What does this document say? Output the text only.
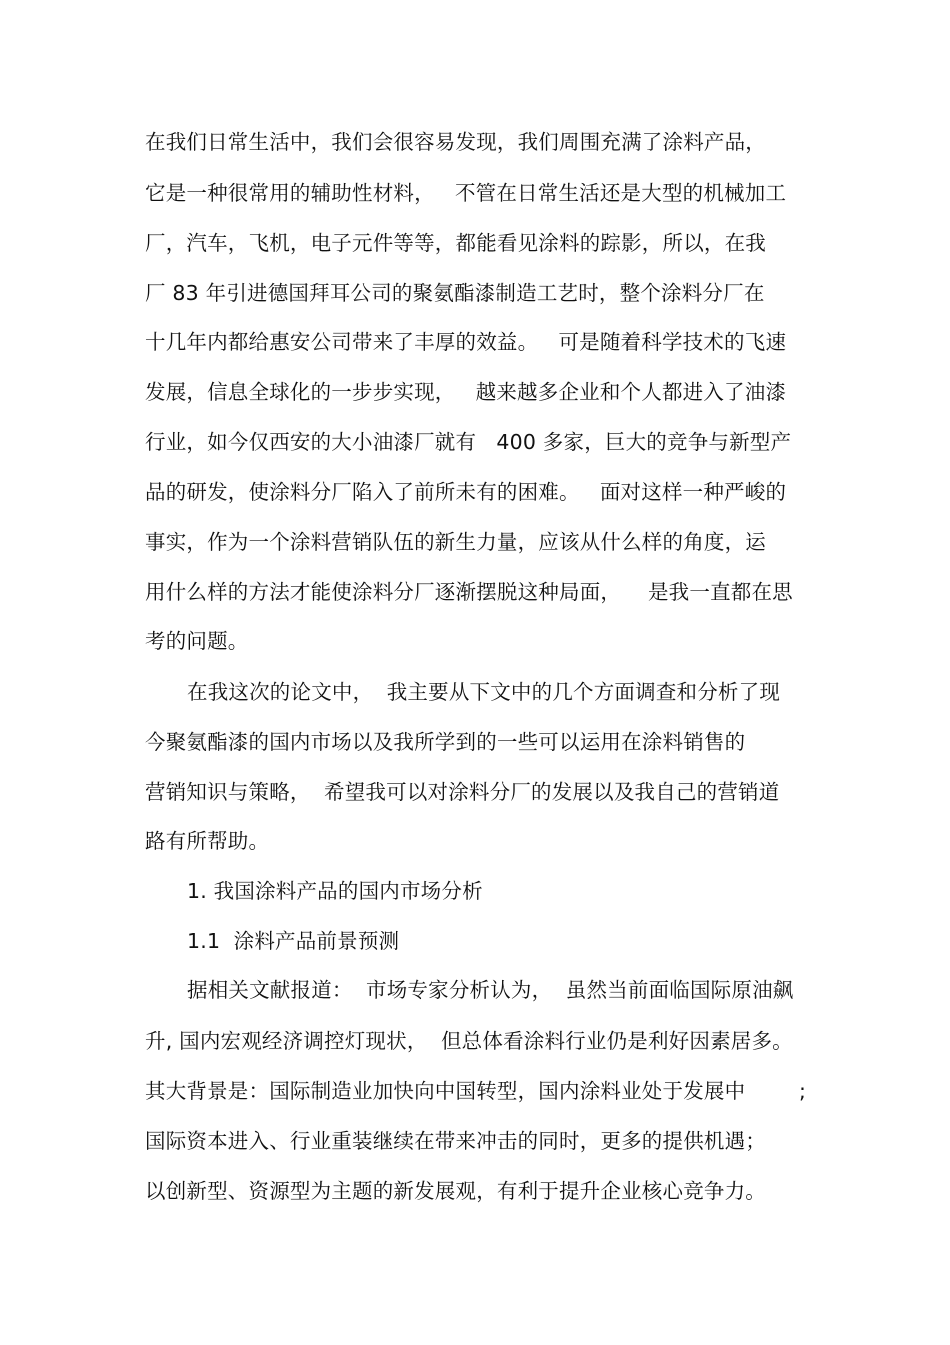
在我们日常生活中，我们会很容易发现，我们周围充满了涂料产品，
它是一种很常用的辅助性材料，   不管在日常生活还是大型的机械加工
厂，汽车，飞机，电子元件等等，都能看见涂料的踪影，所以，在我
厂 83 年引进德国拜耳公司的聚氨酯漆制造工艺时，整个涂料分厂在
十几年内都给惠安公司带来了丰厚的效益。   可是随着科学技术的飞速
发展，信息全球化的一步步实现，   越来越多企业和个人都进入了油漆
行业，如今仅西安的大小油漆厂就有   400 多家，巨大的竞争与新型产
品的研发，使涂料分厂陷入了前所未有的困难。   面对这样一种严峻的
事实，作为一个涂料营销队伍的新生力量，应该从什么样的角度，运
用什么样的方法才能使涂料分厂逐渐摆脱这种局面，    是我一直都在思
考的问题。
在我这次的论文中，  我主要从下文中的几个方面调查和分析了现
今聚氨酯漆的国内市场以及我所学到的一些可以运用在涂料销售的
营销知识与策略，  希望我可以对涂料分厂的发展以及我自己的营销道
路有所帮助。
1. 我国涂料产品的国内市场分析
1.1  涂料产品前景预测
据相关文献报道：  市场专家分析认为，  虽然当前面临国际原油飙
升, 国内宏观经济调控灯现状，  但总体看涂料行业仍是利好因素居多。
其大背景是：国际制造业加快向中国转型，国内涂料业处于发展中        ;
国际资本进入、行业重装继续在带来冲击的同时，更多的提供机遇；
以创新型、资源型为主题的新发展观，有利于提升企业核心竞争力。
